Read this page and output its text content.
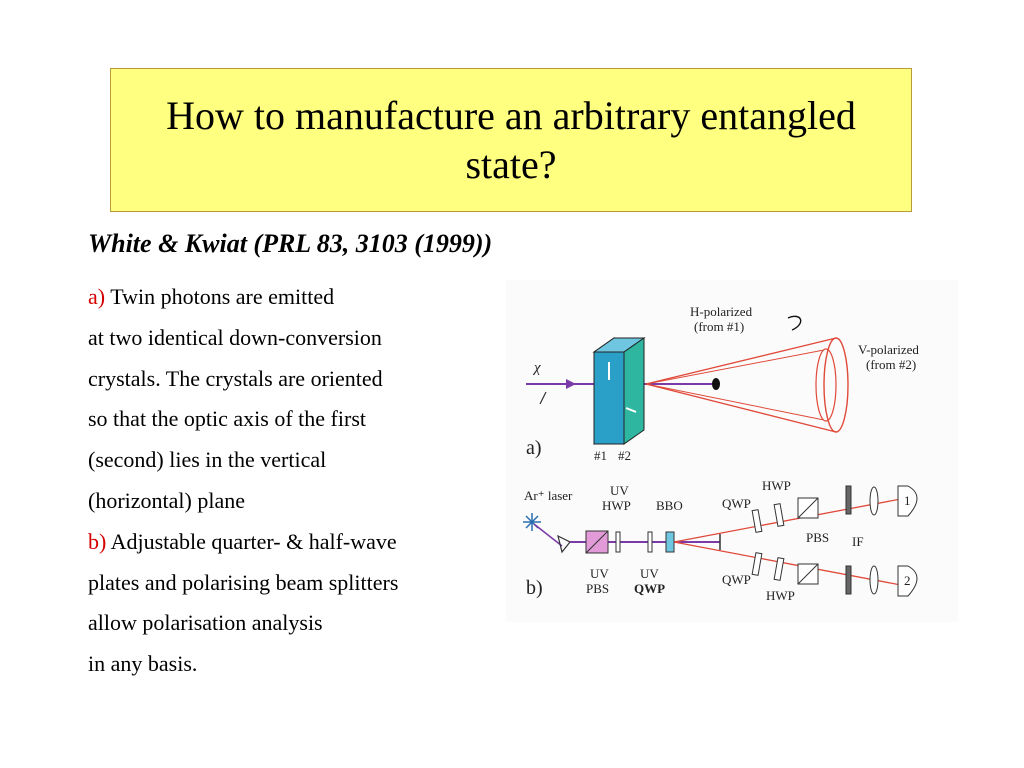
How to manufacture an arbitrary entangled state?
White & Kwiat (PRL 83, 3103 (1999))
a) Twin photons are emitted
at two identical down-conversion
crystals. The crystals are oriented
so that the optic axis of the first
(second) lies in the vertical
(horizontal) plane
b) Adjustable quarter- & half-wave
plates and polarising beam splitters
allow polarisation analysis
in any basis.
χ
#1 #2
H-polarized
(from #1)
V-polarized
(from #2)
a)
Ar⁺ laser	UV
HWP BBO	QWP
HWP
1
2
PBS IF
QWP
HWP
UV
PBS
UV
QWP
b)
